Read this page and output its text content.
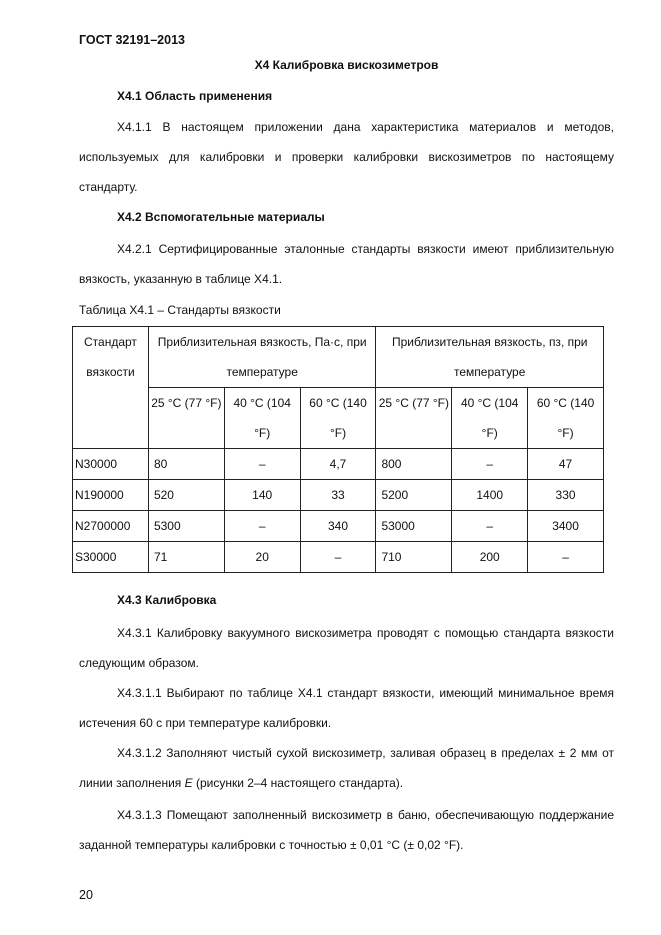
ГОСТ 32191–2013
Х4 Калибровка вискозиметров
Х4.1 Область применения
Х4.1.1 В настоящем приложении дана характеристика материалов и методов, используемых для калибровки и проверки калибровки вискозиметров по настоящему стандарту.
Х4.2 Вспомогательные материалы
Х4.2.1 Сертифицированные эталонные стандарты вязкости имеют приблизительную вязкость, указанную в таблице Х4.1.
Таблица Х4.1 – Стандарты вязкости
Стандарт вязкости	Приблизительная вязкость, Па·с, при температуре			Приблизительная вязкость, пз, при температуре		
	25 °C (77 °F)	40 °C (104 °F)	60 °C (140 °F)	25 °C (77 °F)	40 °C (104 °F)	60 °C (140 °F)
N30000	80	–	4,7	800	–	47
N190000	520	140	33	5200	1400	330
N2700000	5300	–	340	53000	–	3400
S30000	71	20	–	710	200	–
Х4.3 Калибровка
Х4.3.1 Калибровку вакуумного вискозиметра проводят с помощью стандарта вязкости следующим образом.
Х4.3.1.1 Выбирают по таблице Х4.1 стандарт вязкости, имеющий минимальное время истечения 60 с при температуре калибровки.
Х4.3.1.2 Заполняют чистый сухой вискозиметр, заливая образец в пределах ± 2 мм от линии заполнения E (рисунки 2–4 настоящего стандарта).
Х4.3.1.3 Помещают заполненный вискозиметр в баню, обеспечивающую поддержание заданной температуры калибровки с точностью ± 0,01 °C (± 0,02 °F).
20
